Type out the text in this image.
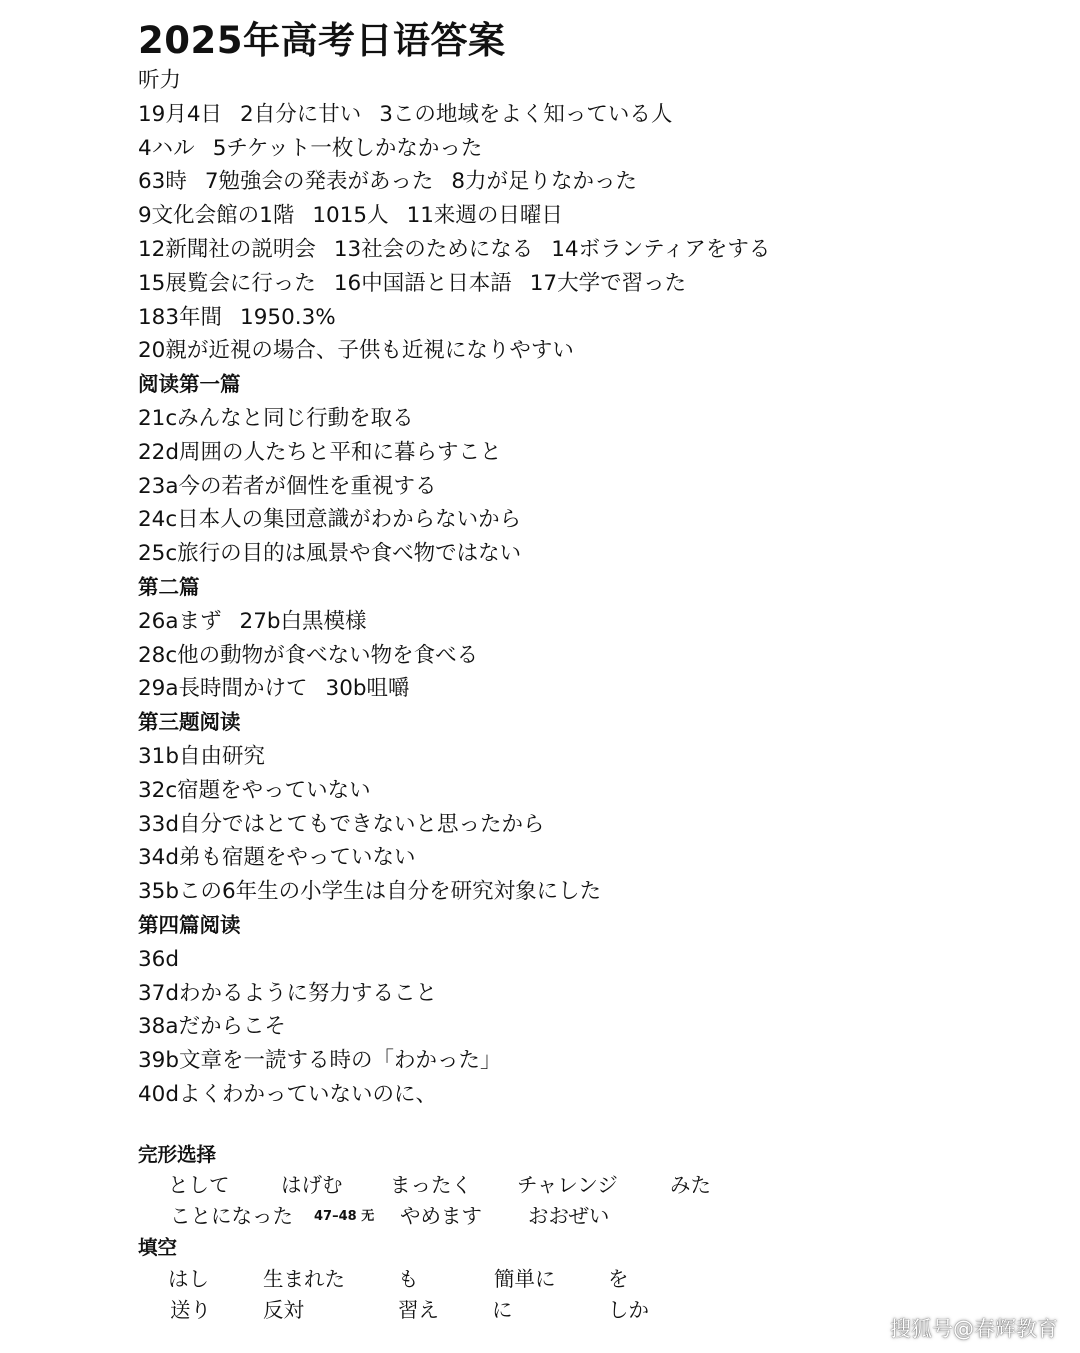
2025年高考日语答案
听力
19月4日 2自分に甘い 3この地域をよく知っている人
4ハル 5チケット一枚しかなかった
63時 7勉強会の発表があった 8力が足りなかった
9文化会館の1階 1015人 11来週の日曜日
12新聞社の説明会 13社会のためになる 14ボランティアをする
15展覧会に行った 16中国語と日本語 17大学で習った
183年間 1950.3%
20親が近視の場合、子供も近視になりやすい
阅读第一篇
21cみんなと同じ行動を取る
22d周囲の人たちと平和に暮らすこと
23a今の若者が個性を重視する
24c日本人の集団意識がわからないから
25c旅行の目的は風景や食べ物ではない
第二篇
26aまず 27b白黒模様
28c他の動物が食べない物を食べる
29a長時間かけて 30b咀嚼
第三题阅读
31b自由研究
32c宿題をやっていない
33d自分ではとてもできないと思ったから
34d弟も宿題をやっていない
35bこの6年生の小学生は自分を研究対象にした
第四篇阅读
36d
37dわかるように努力すること
38aだからこそ
39b文章を一読する時の「わかった」
40dよくわかっていないのに、
完形选择
として	はげむ まったく チャレンジ	みた
ことになった 47–48 无 やめます おおぜい
填空
はし	生まれた	も	簡単に	を
送り	反対	習え	に	しか
搜狐号@春辉教育
